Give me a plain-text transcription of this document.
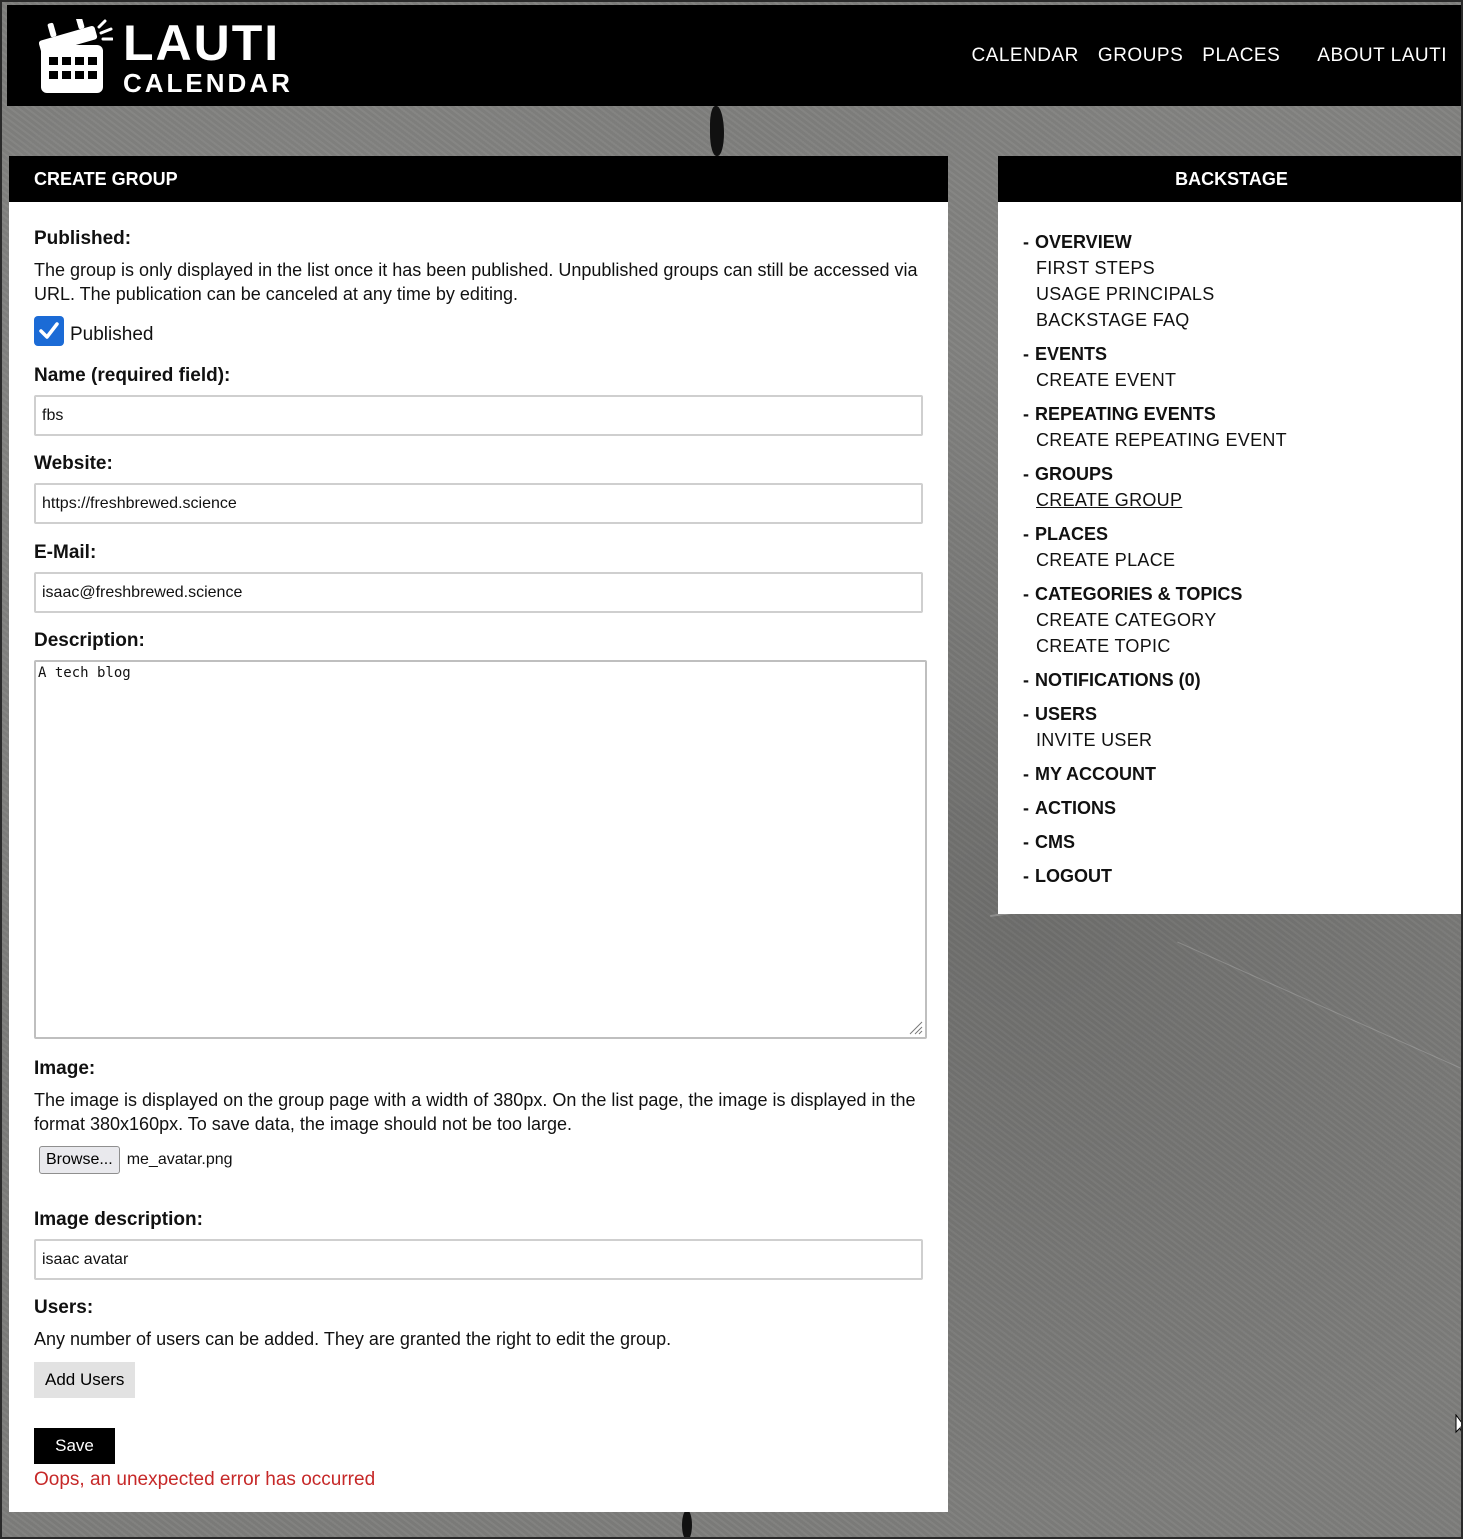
LAUTI
CALENDAR
CALENDAR GROUPS PLACES ABOUT LAUTI
CREATE GROUP
Published:
The group is only displayed in the list once it has been published. Unpublished groups can still be accessed via URL. The publication can be canceled at any time by editing.
Published
Name (required field):
fbs
Website:
https://freshbrewed.science
E-Mail:
isaac@freshbrewed.science
Description:
A tech blog
Image:
The image is displayed on the group page with a width of 380px. On the list page, the image is displayed in the format 380x160px. To save data, the image should not be too large.
Browse... me_avatar.png
Image description:
isaac avatar
Users:
Any number of users can be added. They are granted the right to edit the group.
Add Users
Save
Oops, an unexpected error has occurred
BACKSTAGE
- OVERVIEW
FIRST STEPS
USAGE PRINCIPALS
BACKSTAGE FAQ
- EVENTS
CREATE EVENT
- REPEATING EVENTS
CREATE REPEATING EVENT
- GROUPS
CREATE GROUP
- PLACES
CREATE PLACE
- CATEGORIES & TOPICS
CREATE CATEGORY
CREATE TOPIC
- NOTIFICATIONS (0)
- USERS
INVITE USER
- MY ACCOUNT
- ACTIONS
- CMS
- LOGOUT
